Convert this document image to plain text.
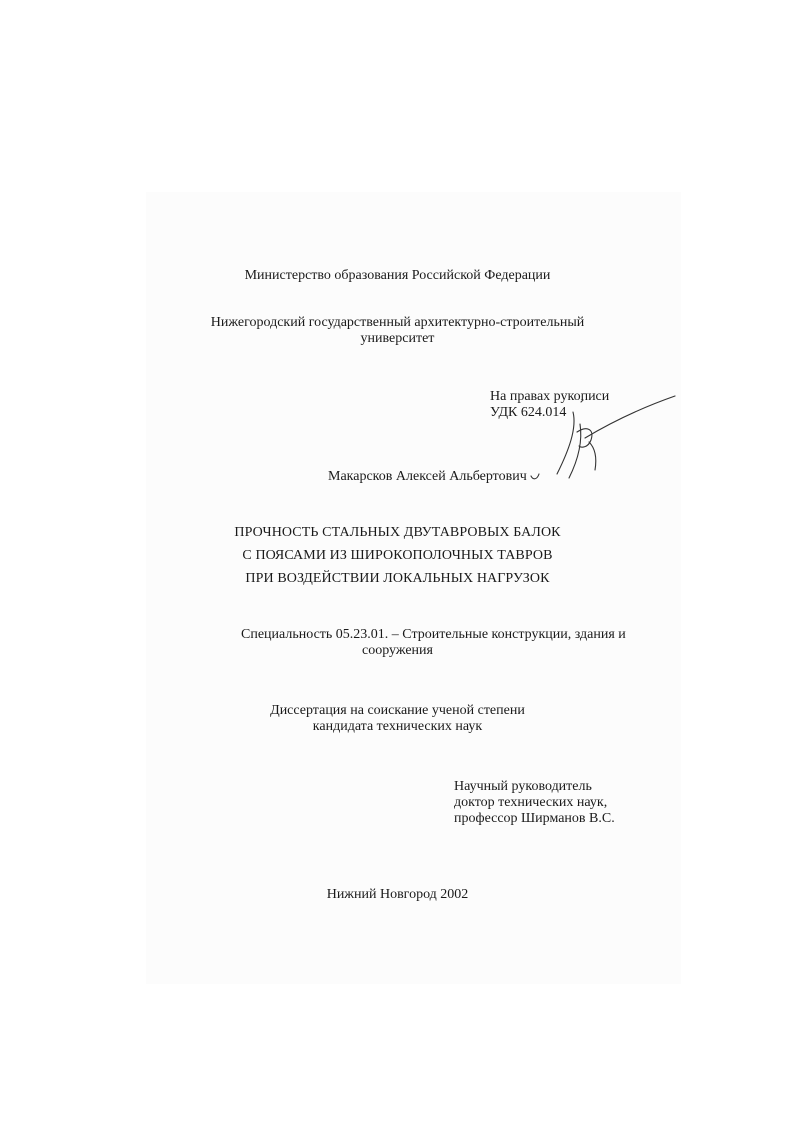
Министерство образования Российской Федерации
Нижегородский государственный архитектурно-строительный
университет
На правах рукописи
УДК 624.014
Макарсков Алексей Альбертович
ПРОЧНОСТЬ СТАЛЬНЫХ ДВУТАВРОВЫХ БАЛОК
С ПОЯСАМИ ИЗ ШИРОКОПОЛОЧНЫХ ТАВРОВ
ПРИ ВОЗДЕЙСТВИИ ЛОКАЛЬНЫХ НАГРУЗОК
Специальность 05.23.01. – Строительные конструкции, здания и
сооружения
Диссертация на соискание ученой степени
кандидата технических наук
Научный руководитель
доктор технических наук,
профессор Ширманов В.С.
Нижний Новгород 2002
